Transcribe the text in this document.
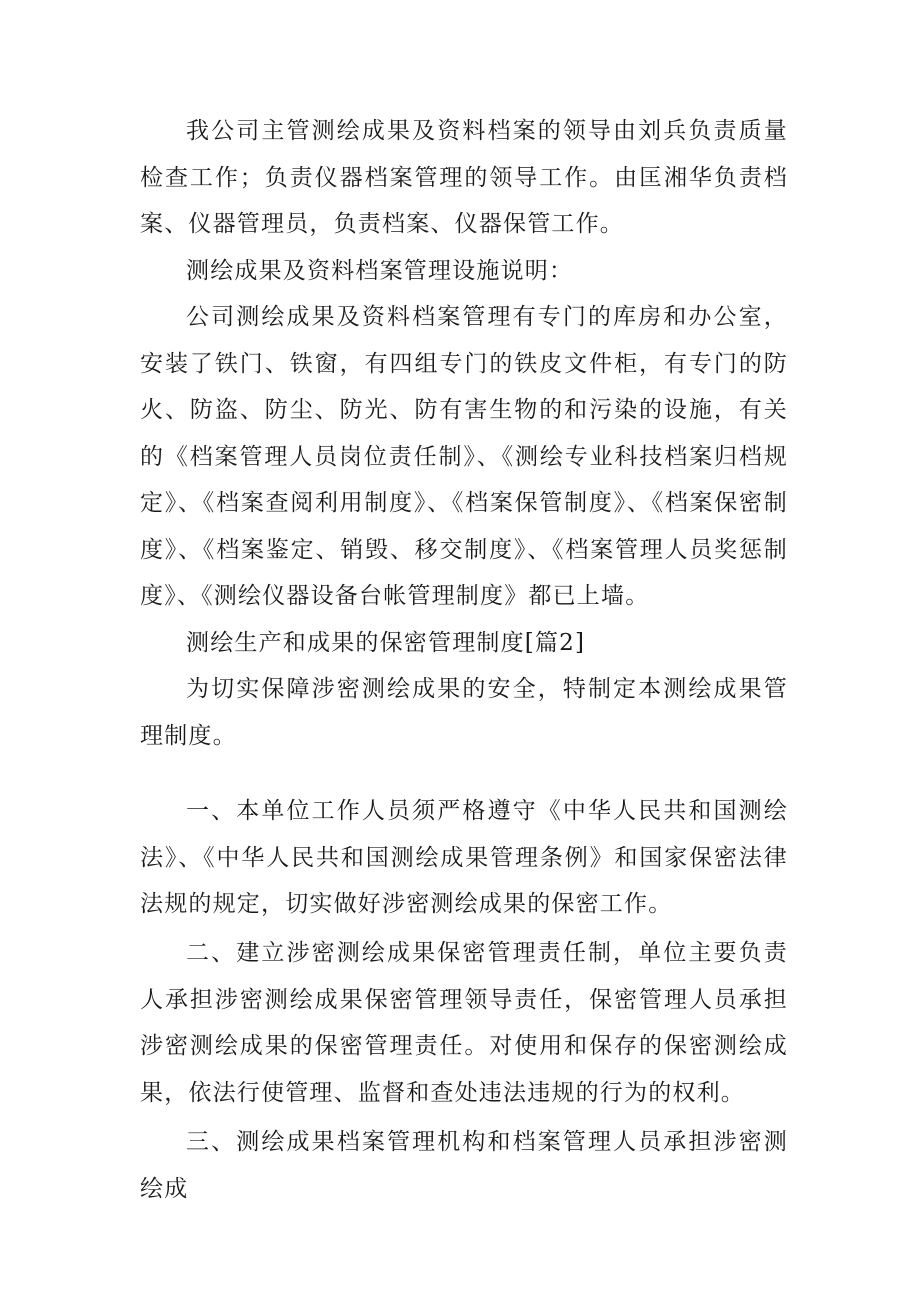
我公司主管测绘成果及资料档案的领导由刘兵负责质量检查工作；负责仪器档案管理的领导工作。由匡湘华负责档案、仪器管理员，负责档案、仪器保管工作。

测绘成果及资料档案管理设施说明：

公司测绘成果及资料档案管理有专门的库房和办公室，安装了铁门、铁窗，有四组专门的铁皮文件柜，有专门的防火、防盗、防尘、防光、防有害生物的和污染的设施，有关的《档案管理人员岗位责任制》、《测绘专业科技档案归档规定》、《档案查阅利用制度》、《档案保管制度》、《档案保密制度》、《档案鉴定、销毁、移交制度》、《档案管理人员奖惩制度》、《测绘仪器设备台帐管理制度》都已上墙。

测绘生产和成果的保密管理制度[篇2]

为切实保障涉密测绘成果的安全，特制定本测绘成果管理制度。

一、本单位工作人员须严格遵守《中华人民共和国测绘法》、《中华人民共和国测绘成果管理条例》和国家保密法律法规的规定，切实做好涉密测绘成果的保密工作。

二、建立涉密测绘成果保密管理责任制，单位主要负责人承担涉密测绘成果保密管理领导责任，保密管理人员承担涉密测绘成果的保密管理责任。对使用和保存的保密测绘成果，依法行使管理、监督和查处违法违规的行为的权利。

三、测绘成果档案管理机构和档案管理人员承担涉密测绘成
